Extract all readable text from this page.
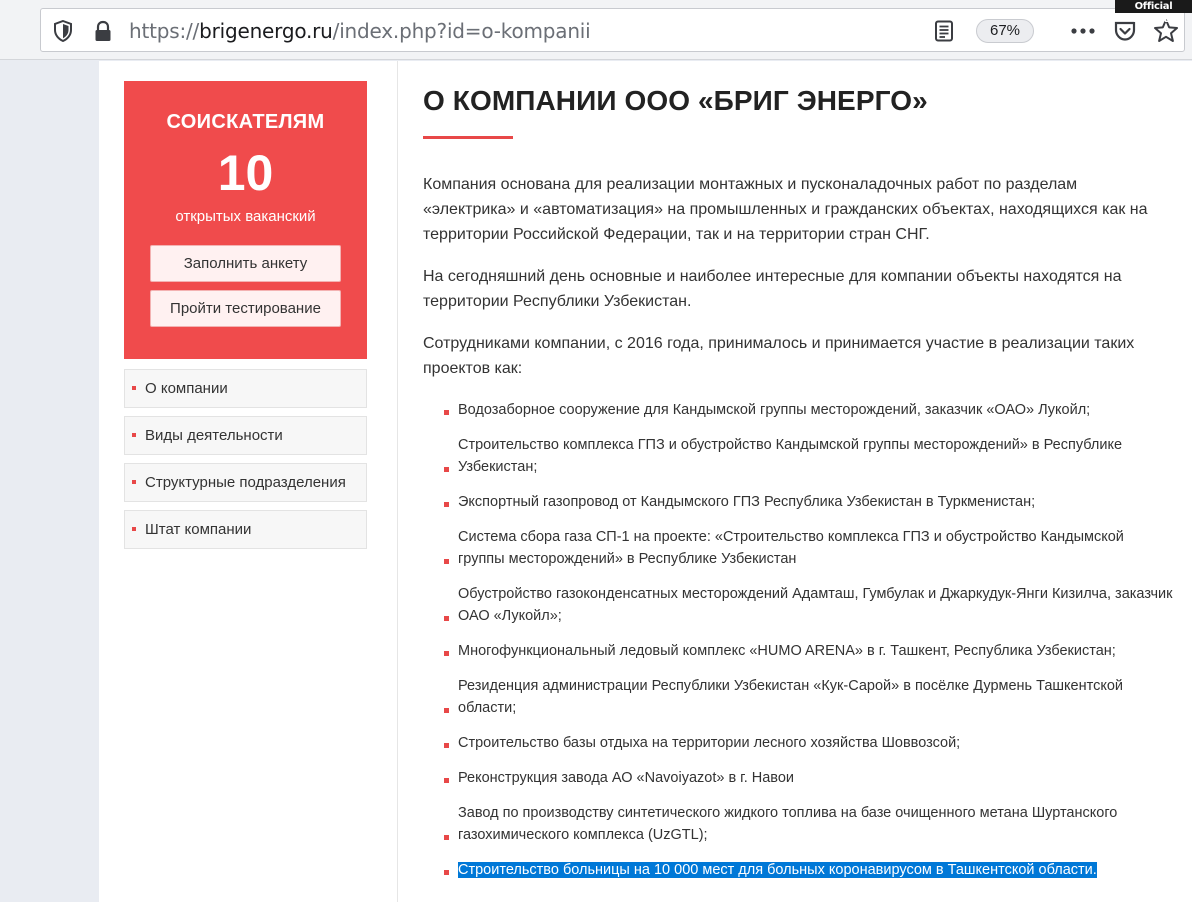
https://brigenergo.ru/index.php?id=o-kompanii	67%
Official website
СОИСКАТЕЛЯМ
10
открытых ваканский
Заполнить анкету
Пройти тестирование
О компании
Виды деятельности
Структурные подразделения
Штат компании
О КОМПАНИИ ООО «БРИГ ЭНЕРГО»

Компания основана для реализации монтажных и пусконаладочных работ по разделам «электрика» и «автоматизация» на промышленных и гражданских объектах, находящихся как на территории Российской Федерации, так и на территории стран СНГ.

На сегодняшний день основные и наиболее интересные для компании объекты находятся на территории Республики Узбекистан.

Сотрудниками компании, с 2016 года, принималось и принимается участие в реализации таких проектов как:

Водозаборное сооружение для Кандымской группы месторождений, заказчик «ОАО» Лукойл;
Строительство комплекса ГПЗ и обустройство Кандымской группы месторождений» в Республике Узбекистан;
Экспортный газопровод от Кандымского ГПЗ Республика Узбекистан в Туркменистан;
Система сбора газа СП-1 на проекте: «Строительство комплекса ГПЗ и обустройство Кандымской группы месторождений» в Республике Узбекистан
Обустройство газоконденсатных месторождений Адамташ, Гумбулак и Джаркудук-Янги Кизилча, заказчик ОАО «Лукойл»;
Многофункциональный ледовый комплекс «HUMO ARENA» в г. Ташкент, Республика Узбекистан;
Резиденция администрации Республики Узбекистан «Кук-Сарой» в посёлке Дурмень Ташкентской области;
Строительство базы отдыха на территории лесного хозяйства Шоввозсой;
Реконструкция завода АО «Navoiyazot» в г. Навои
Завод по производству синтетического жидкого топлива на базе очищенного метана Шуртанского газохимического комплекса (UzGTL);
Строительство больницы на 10 000 мест для больных коронавирусом в Ташкентской области.
